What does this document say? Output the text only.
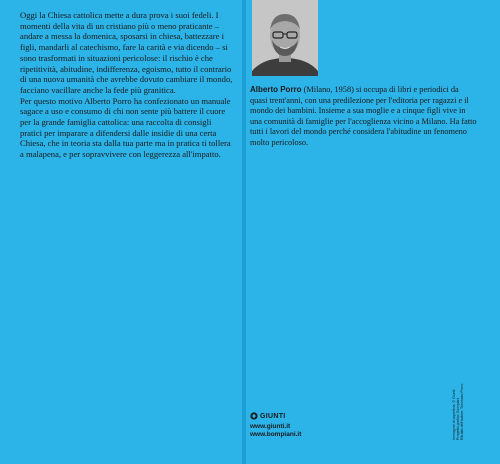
Oggi la Chiesa cattolica mette a dura prova i suoi fedeli. I momenti della vita di un cristiano più o meno praticante – andare a messa la domenica, sposarsi in chiesa, battezzare i figli, mandarli al catechismo, fare la carità e via dicendo – si sono trasformati in situazioni pericolose: il rischio è che ripetitività, abitudine, indifferenza, egoismo, tutto il contrario di una nuova umanità che avrebbe dovuto cambiare il mondo, facciano vacillare anche la fede più granitica.

Per questo motivo Alberto Porro ha confezionato un manuale sagace a uso e consumo di chi non sente più battere il cuore per la grande famiglia cattolica: una raccolta di consigli pratici per imparare a difendersi dalle insidie di una certa Chiesa, che in teoria sta dalla tua parte ma in pratica ti tollera a malapena, e per sopravvivere con leggerezza all'impatto.

Alberto Porro (Milano, 1958) si occupa di libri e periodici da quasi trent'anni, con una predilezione per l'editoria per ragazzi e il mondo dei bambini. Insieme a sua moglie e a cinque figli vive in una comunità di famiglie per l'accoglienza vicino a Milano. Ha fatto tutti i lavori del mondo perché considera l'abitudine un fenomeno molto pericoloso.

GIUNTI
www.giunti.it
www.bompiani.it	Immagine di copertina: © Giunti Progetto grafico: Bompiani Ritratto dell'autore: Tommaso Porro
